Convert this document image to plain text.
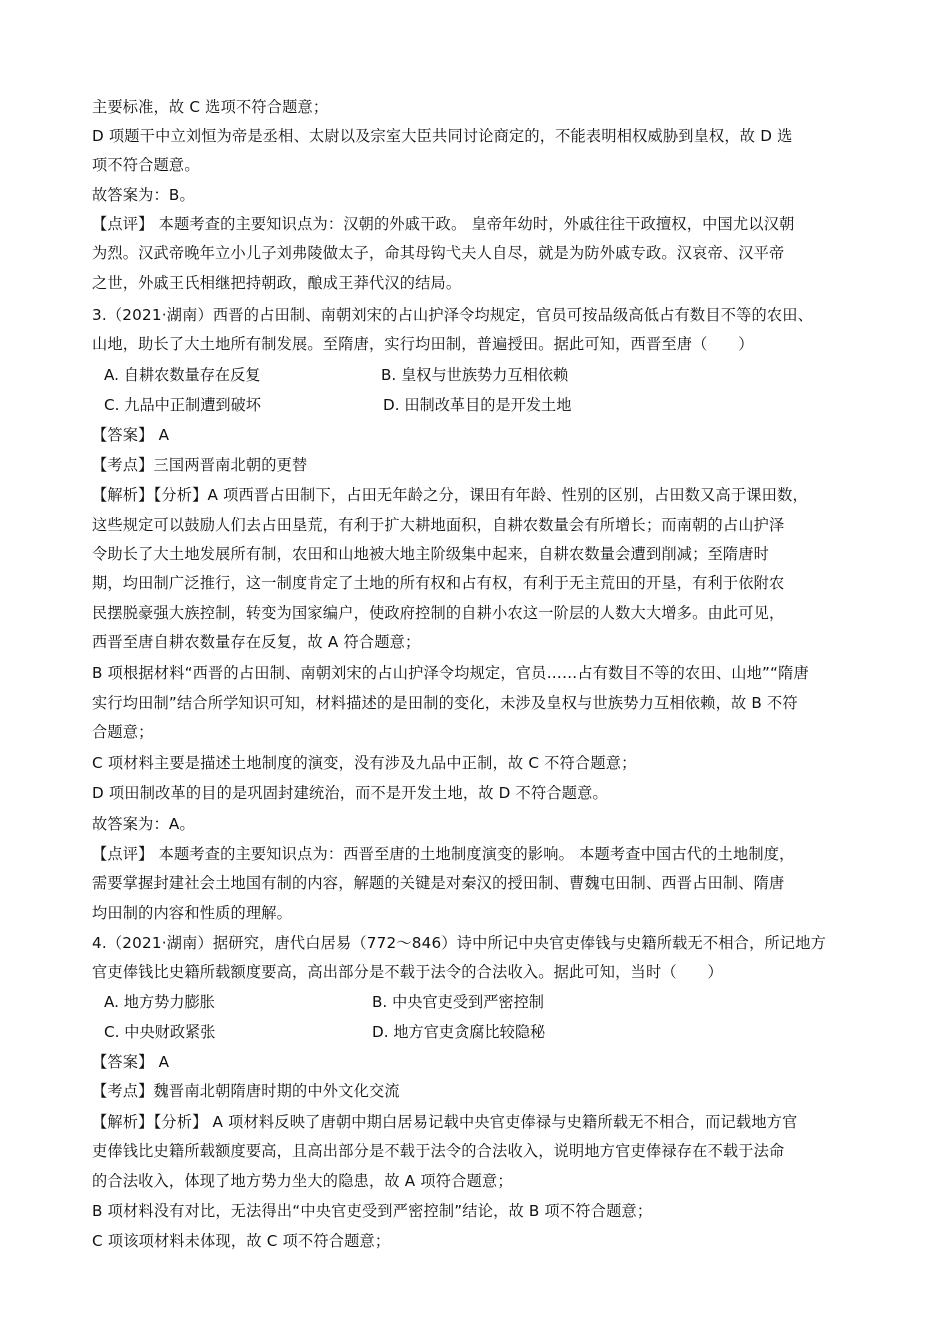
主要标准，故 C 选项不符合题意；
D 项题干中立刘恒为帝是丞相、太尉以及宗室大臣共同讨论商定的，不能表明相权威胁到皇权，故 D 选
项不符合题意。
故答案为：B。
【点评】 本题考查的主要知识点为：汉朝的外戚干政。 皇帝年幼时，外戚往往干政擅权，中国尤以汉朝
为烈。汉武帝晚年立小儿子刘弗陵做太子，命其母钩弋夫人自尽，就是为防外戚专政。汉哀帝、汉平帝
之世，外戚王氏相继把持朝政，酿成王莽代汉的结局。
3.（2021·湖南）西晋的占田制、南朝刘宋的占山护泽令均规定，官员可按品级高低占有数目不等的农田、
山地，助长了大土地所有制发展。至隋唐，实行均田制，普遍授田。据此可知，西晋至唐（　　）
A. 自耕农数量存在反复	B. 皇权与世族势力互相依赖
C. 九品中正制遭到破坏	D. 田制改革目的是开发土地
【答案】 A
【考点】三国两晋南北朝的更替
【解析】【分析】A 项西晋占田制下，占田无年龄之分，课田有年龄、性别的区别，占田数又高于课田数，
这些规定可以鼓励人们去占田垦荒，有利于扩大耕地面积，自耕农数量会有所增长；而南朝的占山护泽
令助长了大土地发展所有制，农田和山地被大地主阶级集中起来，自耕农数量会遭到削减；至隋唐时
期，均田制广泛推行，这一制度肯定了土地的所有权和占有权，有利于无主荒田的开垦，有利于依附农
民摆脱豪强大族控制，转变为国家编户，使政府控制的自耕小农这一阶层的人数大大增多。由此可见，
西晋至唐自耕农数量存在反复，故 A 符合题意；
B 项根据材料“西晋的占田制、南朝刘宋的占山护泽令均规定，官员……占有数目不等的农田、山地”“隋唐
实行均田制”结合所学知识可知，材料描述的是田制的变化，未涉及皇权与世族势力互相依赖，故 B 不符
合题意；
C 项材料主要是描述土地制度的演变，没有涉及九品中正制，故 C 不符合题意；
D 项田制改革的目的是巩固封建统治，而不是开发土地，故 D 不符合题意。
故答案为：A。
【点评】 本题考查的主要知识点为：西晋至唐的土地制度演变的影响。 本题考查中国古代的土地制度，
需要掌握封建社会土地国有制的内容，解题的关键是对秦汉的授田制、曹魏屯田制、西晋占田制、隋唐
均田制的内容和性质的理解。
4.（2021·湖南）据研究，唐代白居易（772～846）诗中所记中央官吏俸钱与史籍所载无不相合，所记地方
官吏俸钱比史籍所载额度要高，高出部分是不载于法令的合法收入。据此可知，当时（　　）
A. 地方势力膨胀	B. 中央官吏受到严密控制
C. 中央财政紧张	D. 地方官吏贪腐比较隐秘
【答案】 A
【考点】魏晋南北朝隋唐时期的中外文化交流
【解析】【分析】 A 项材料反映了唐朝中期白居易记载中央官吏俸禄与史籍所载无不相合，而记载地方官
吏俸钱比史籍所载额度要高，且高出部分是不载于法令的合法收入，说明地方官吏俸禄存在不载于法命
的合法收入，体现了地方势力坐大的隐患，故 A 项符合题意；
B 项材料没有对比，无法得出“中央官吏受到严密控制”结论，故 B 项不符合题意；
C 项该项材料未体现，故 C 项不符合题意；
